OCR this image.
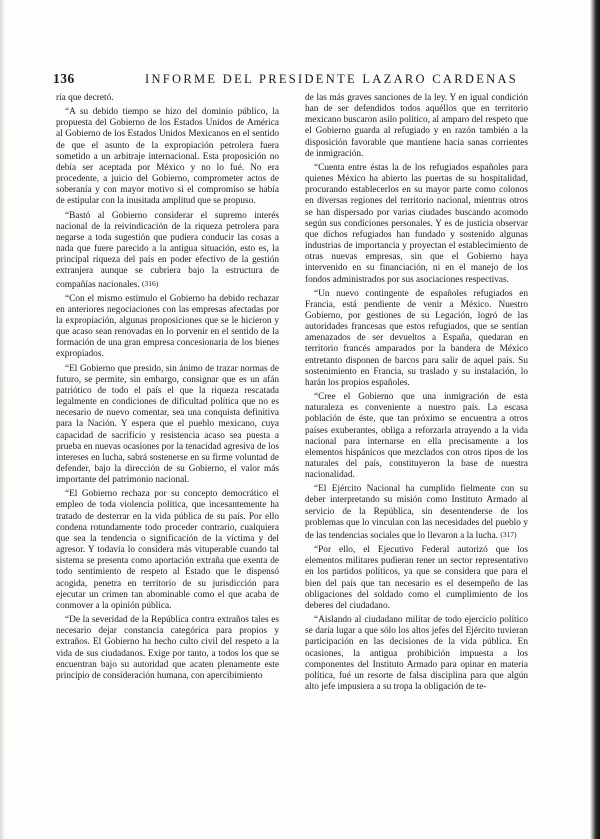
136	INFORME DEL PRESIDENTE LAZARO CARDENAS

ría que decretó.

“A su debido tiempo se hizo del dominio público, la propuesta del Gobierno de los Estados Unidos de América al Gobierno de los Estados Unidos Mexicanos en el sentido de que el asunto de la expropiación petrolera fuera sometido a un arbitraje internacional. Esta proposición no debía ser aceptada por México y no lo fué. No era procedente, a juicio del Gobierno, comprometer actos de soberanía y con mayor motivo si el compromiso se había de estipular con la inusitada amplitud que se propuso.

“Bastó al Gobierno considerar el supremo interés nacional de la reivindicación de la riqueza petrolera para negarse a toda sugestión que pudiera conducir las cosas a nada que fuere parecido a la antigua situación, esto es, la principal riqueza del país en poder efectivo de la gestión extranjera aunque se cubriera bajo la estructura de compañías nacionales. (316)

“Con el mismo estímulo el Gobierno ha debido rechazar en anteriores negociaciones con las empresas afectadas por la expropiación, algunas proposiciones que se le hicieron y que acaso sean renovadas en lo porvenir en el sentido de la formación de una gran empresa concesionaria de los bienes expropiados.

“El Gobierno que presido, sin ánimo de trazar normas de futuro, se permite, sin embargo, consignar que es un afán patriótico de todo el país el que la riqueza rescatada legalmente en condiciones de dificultad política que no es necesario de nuevo comentar, sea una conquista definitiva para la Nación. Y espera que el pueblo mexicano, cuya capacidad de sacrificio y resistencia acaso sea puesta a prueba en nuevas ocasiones por la tenacidad agresiva de los intereses en lucha, sabrá sostenerse en su firme voluntad de defender, bajo la dirección de su Gobierno, el valor más importante del patrimonio nacional.

“El Gobierno rechaza por su concepto democrático el empleo de toda violencia política, que incesantemente ha tratado de desterrar en la vida pública de su país. Por ello condena rotundamente todo proceder contrario, cualquiera que sea la tendencia o significación de la víctima y del agresor. Y todavía lo considera más vituperable cuando tal sistema se presenta como aportación extraña que exenta de todo sentimiento de respeto al Estado que le dispensó acogida, penetra en territorio de su jurisdicción para ejecutar un crimen tan abominable como el que acaba de conmover a la opinión pública.

“De la severidad de la República contra extraños tales es necesario dejar constancia categórica para propios y extraños. El Gobierno ha hecho culto civil del respeto a la vida de sus ciudadanos. Exige por tanto, a todos los que se encuentran bajo su autoridad que acaten plenamente este principio de consideración humana, con apercibimiento

de las más graves sanciones de la ley. Y en igual condición han de ser defendidos todos aquéllos que en territorio mexicano buscaron asilo político, al amparo del respeto que el Gobierno guarda al refugiado y en razón también a la disposición favorable que mantiene hacia sanas corrientes de inmigración.

“Cuenta entre éstas la de los refugiados españoles para quienes México ha abierto las puertas de su hospitalidad, procurando establecerlos en su mayor parte como colonos en diversas regiones del territorio nacional, mientras otros se han dispersado por varias ciudades buscando acomodo según sus condiciones personales. Y es de justicia observar que dichos refugiados han fundado y sostenido algunas industrias de importancia y proyectan el establecimiento de otras nuevas empresas, sin que el Gobierno haya intervenido en su financiación, ni en el manejo de los fondos administrados por sus asociaciones respectivas.

“Un nuevo contingente de españoles refugiados en Francia, está pendiente de venir a México. Nuestro Gobierno, por gestiones de su Legación, logró de las autoridades francesas que estos refugiados, que se sentían amenazados de ser devueltos a España, quedaran en territorio francés amparados por la bandera de México entretanto disponen de barcos para salir de aquel país. Su sostenimiento en Francia, su traslado y su instalación, lo harán los propios españoles.

“Cree el Gobierno que una inmigración de esta naturaleza es conveniente a nuestro país. La escasa población de éste, que tan próximo se encuentra a otros países exuberantes, obliga a reforzarla atrayendo a la vida nacional para internarse en ella precisamente a los elementos hispánicos que mezclados con otros tipos de los naturales del país, constituyeron la base de nuestra nacionalidad.

“El Ejército Nacional ha cumplido fielmente con su deber interpretando su misión como Instituto Armado al servicio de la República, sin desentenderse de los problemas que lo vinculan con las necesidades del pueblo y de las tendencias sociales que lo llevaron a la lucha. (317)

“Por ello, el Ejecutivo Federal autorizó que los elementos militares pudieran tener un sector representativo en los partidos políticos, ya que se considera que para el bien del país que tan necesario es el desempeño de las obligaciones del soldado como el cumplimiento de los deberes del ciudadano.

“Aislando al ciudadano militar de todo ejercicio político se daría lugar a que sólo los altos jefes del Ejército tuvieran participación en las decisiones de la vida pública. En ocasiones, la antigua prohibición impuesta a los componentes del Instituto Armado para opinar en materia política, fué un resorte de falsa disciplina para que algún alto jefe impusiera a su tropa la obligación de te-
